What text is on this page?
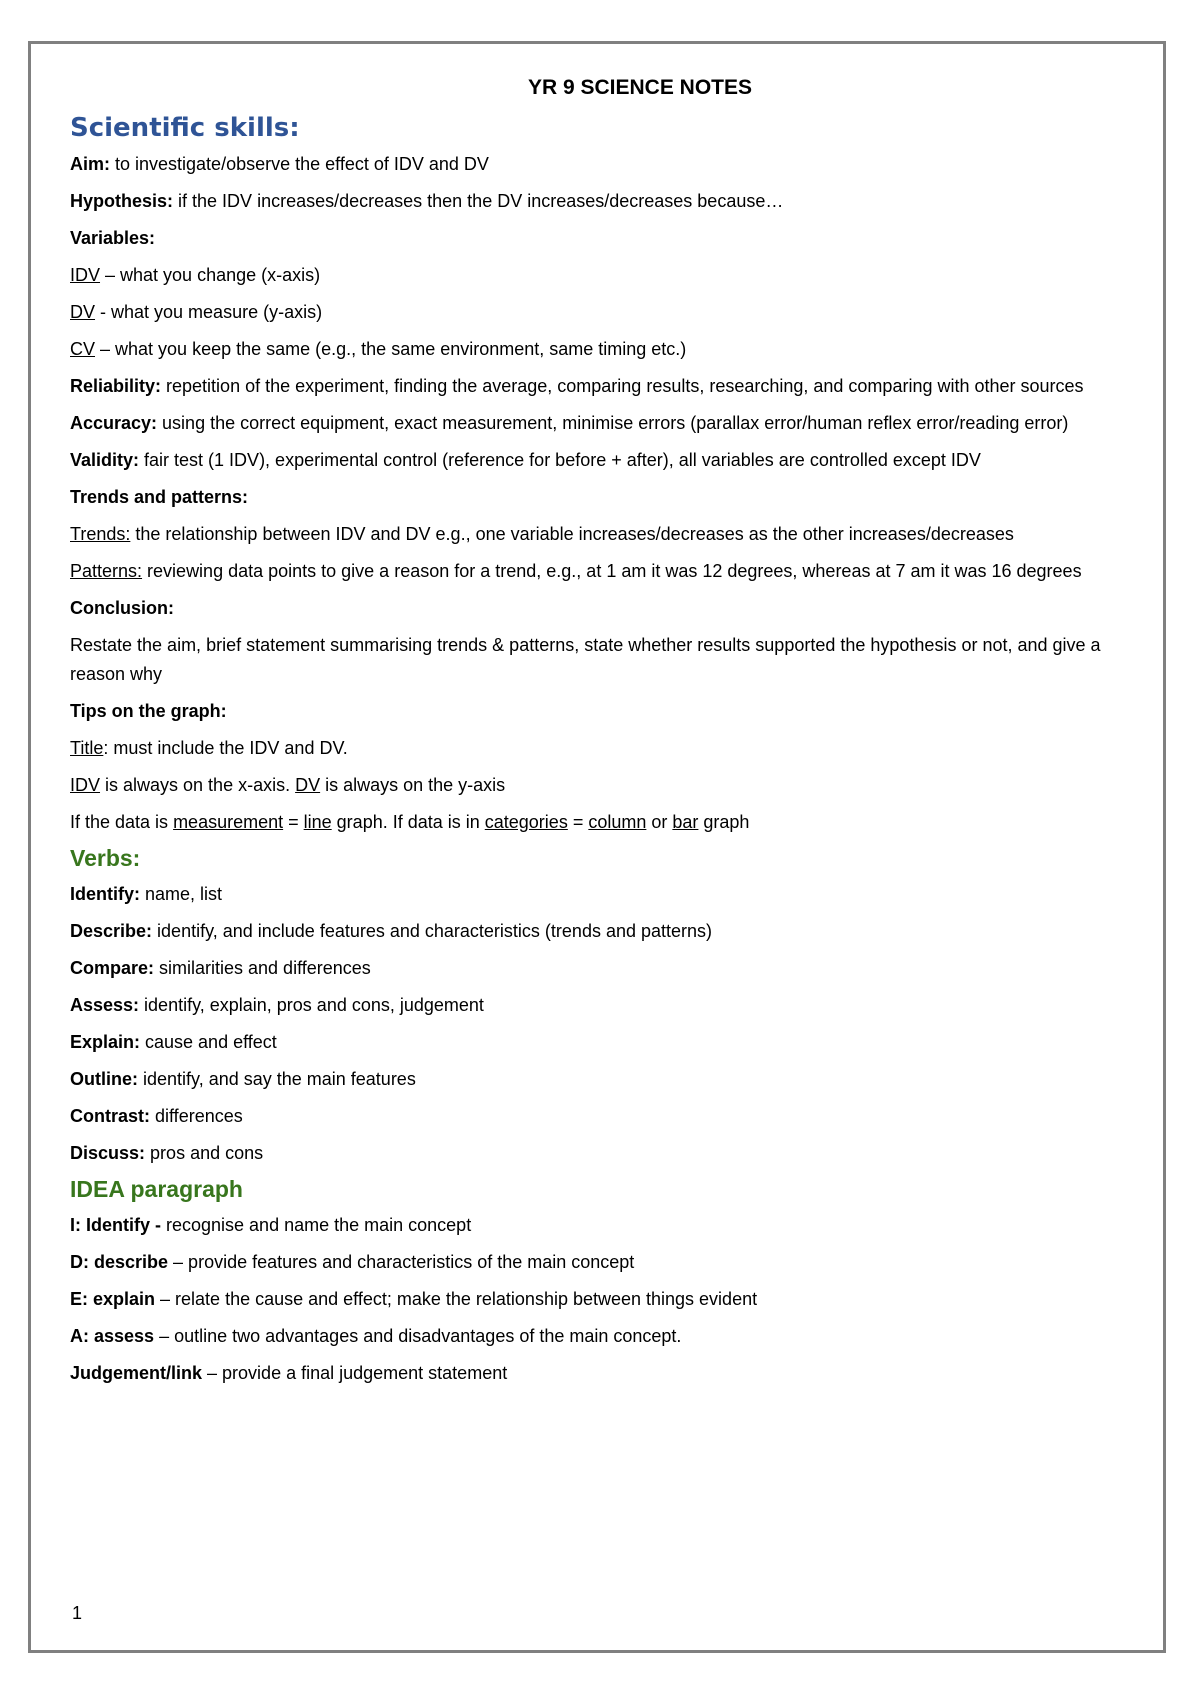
YR 9 SCIENCE NOTES
Scientific skills:

Aim: to investigate/observe the effect of IDV and DV

Hypothesis: if the IDV increases/decreases then the DV increases/decreases because…

Variables:

IDV – what you change (x-axis)

DV - what you measure (y-axis)

CV – what you keep the same (e.g., the same environment, same timing etc.)

Reliability: repetition of the experiment, finding the average, comparing results, researching, and comparing with other sources

Accuracy: using the correct equipment, exact measurement, minimise errors (parallax error/human reflex error/reading error)

Validity: fair test (1 IDV), experimental control (reference for before + after), all variables are controlled except IDV

Trends and patterns:

Trends: the relationship between IDV and DV e.g., one variable increases/decreases as the other increases/decreases

Patterns: reviewing data points to give a reason for a trend, e.g., at 1 am it was 12 degrees, whereas at 7 am it was 16 degrees

Conclusion:

Restate the aim, brief statement summarising trends & patterns, state whether results supported the hypothesis or not, and give a reason why

Tips on the graph:

Title: must include the IDV and DV.

IDV is always on the x-axis. DV is always on the y-axis

If the data is measurement = line graph. If data is in categories = column or bar graph

Verbs:

Identify: name, list

Describe: identify, and include features and characteristics (trends and patterns)

Compare: similarities and differences

Assess: identify, explain, pros and cons, judgement

Explain: cause and effect

Outline: identify, and say the main features

Contrast: differences

Discuss: pros and cons

IDEA paragraph

I: Identify - recognise and name the main concept

D: describe – provide features and characteristics of the main concept

E: explain – relate the cause and effect; make the relationship between things evident

A: assess – outline two advantages and disadvantages of the main concept.

Judgement/link – provide a final judgement statement

1
